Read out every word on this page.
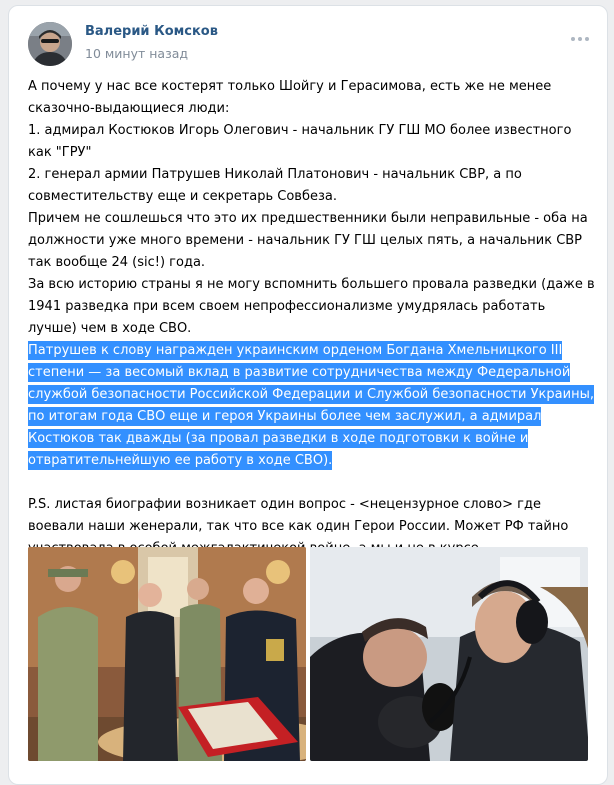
Валерий Комсков
10 минут назад

А почему у нас все костерят только Шойгу и Герасимова, есть же не менее сказочно-выдающиеся люди:

1. адмирал Костюков Игорь Олегович - начальник ГУ ГШ МО более известного как "ГРУ"

2. генерал армии Патрушев Николай Платонович - начальник СВР, а по совместительству еще и секретарь Совбеза.

Причем не сошлешься что это их предшественники были неправильные - оба на должности уже много времени - начальник ГУ ГШ целых пять, а начальник СВР так вообще 24 (sic!) года.

За всю историю страны я не могу вспомнить большего провала разведки (даже в 1941 разведка при всем своем непрофессионализме умудрялась работать лучше) чем в ходе СВО.

Патрушев к слову награжден украинским орденом Богдана Хмельницкого III степени — за весомый вклад в развитие сотрудничества между Федеральной службой безопасности Российской Федерации и Службой безопасности Украины, по итогам года СВО еще и героя Украины более чем заслужил, а адмирал Костюков так дважды (за провал разведки в ходе подготовки к войне и отвратительнейшую ее работу в ходе СВО).

P.S. листая биографии возникает один вопрос - <нецензурное слово> где воевали наши женерали, так что все как один Герои России. Может РФ тайно
